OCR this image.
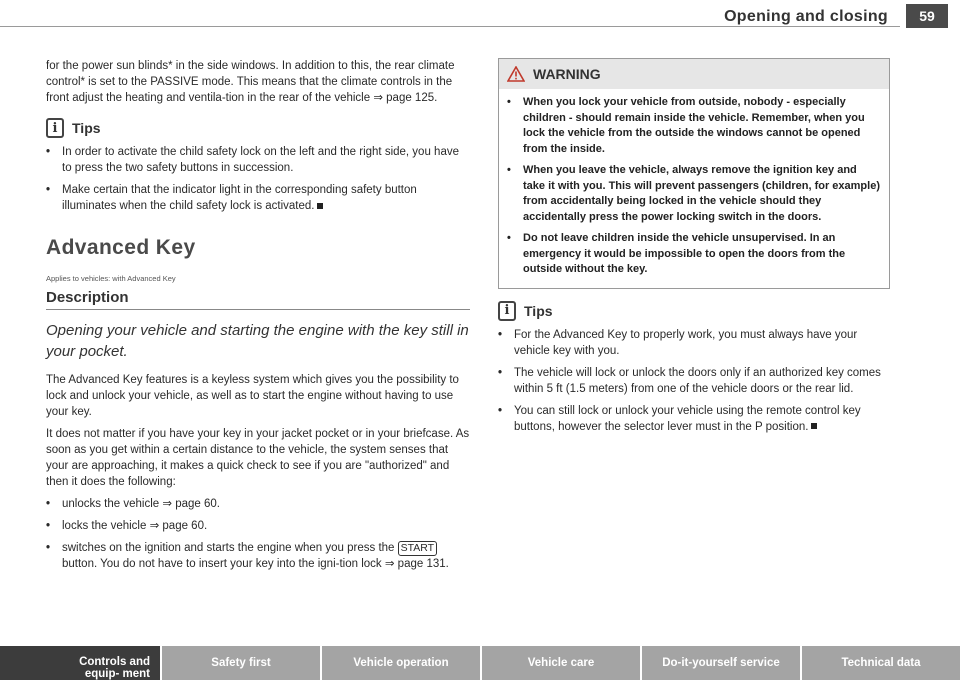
Opening and closing	59

for the power sun blinds* in the side windows. In addition to this, the rear climate control* is set to the PASSIVE mode. This means that the climate controls in the front adjust the heating and ventila-tion in the rear of the vehicle ⇒ page 125.

i	Tips
•	In order to activate the child safety lock on the left and the right side, you have to press the two safety buttons in succession.
•	Make certain that the indicator light in the corresponding safety button illuminates when the child safety lock is activated.
Advanced Key
Applies to vehicles: with Advanced Key
Description
Opening your vehicle and starting the engine with the key still in your pocket.

The Advanced Key features is a keyless system which gives you the possibility to lock and unlock your vehicle, as well as to start the engine without having to use your key.

It does not matter if you have your key in your jacket pocket or in your briefcase. As soon as you get within a certain distance to the vehicle, the system senses that your are approaching, it makes a quick check to see if you are "authorized" and then it does the following:

•	unlocks the vehicle ⇒ page 60.
•	locks the vehicle ⇒ page 60.
•	switches on the ignition and starts the engine when you press the START button. You do not have to insert your key into the igni-tion lock ⇒ page 131.
WARNING
•	When you lock your vehicle from outside, nobody - especially children - should remain inside the vehicle. Remember, when you lock the vehicle from the outside the windows cannot be opened from the inside.
•	When you leave the vehicle, always remove the ignition key and take it with you. This will prevent passengers (children, for example) from accidentally being locked in the vehicle should they accidentally press the power locking switch in the doors.
•	Do not leave children inside the vehicle unsupervised. In an emergency it would be impossible to open the doors from the outside without the key.
i	Tips
•	For the Advanced Key to properly work, you must always have your vehicle key with you.
•	The vehicle will lock or unlock the doors only if an authorized key comes within 5 ft (1.5 meters) from one of the vehicle doors or the rear lid.
•	You can still lock or unlock your vehicle using the remote control key buttons, however the selector lever must in the P position.
Controls and equip- ment
Safety first	Vehicle operation	Vehicle care	Do-it-yourself service	Technical data
